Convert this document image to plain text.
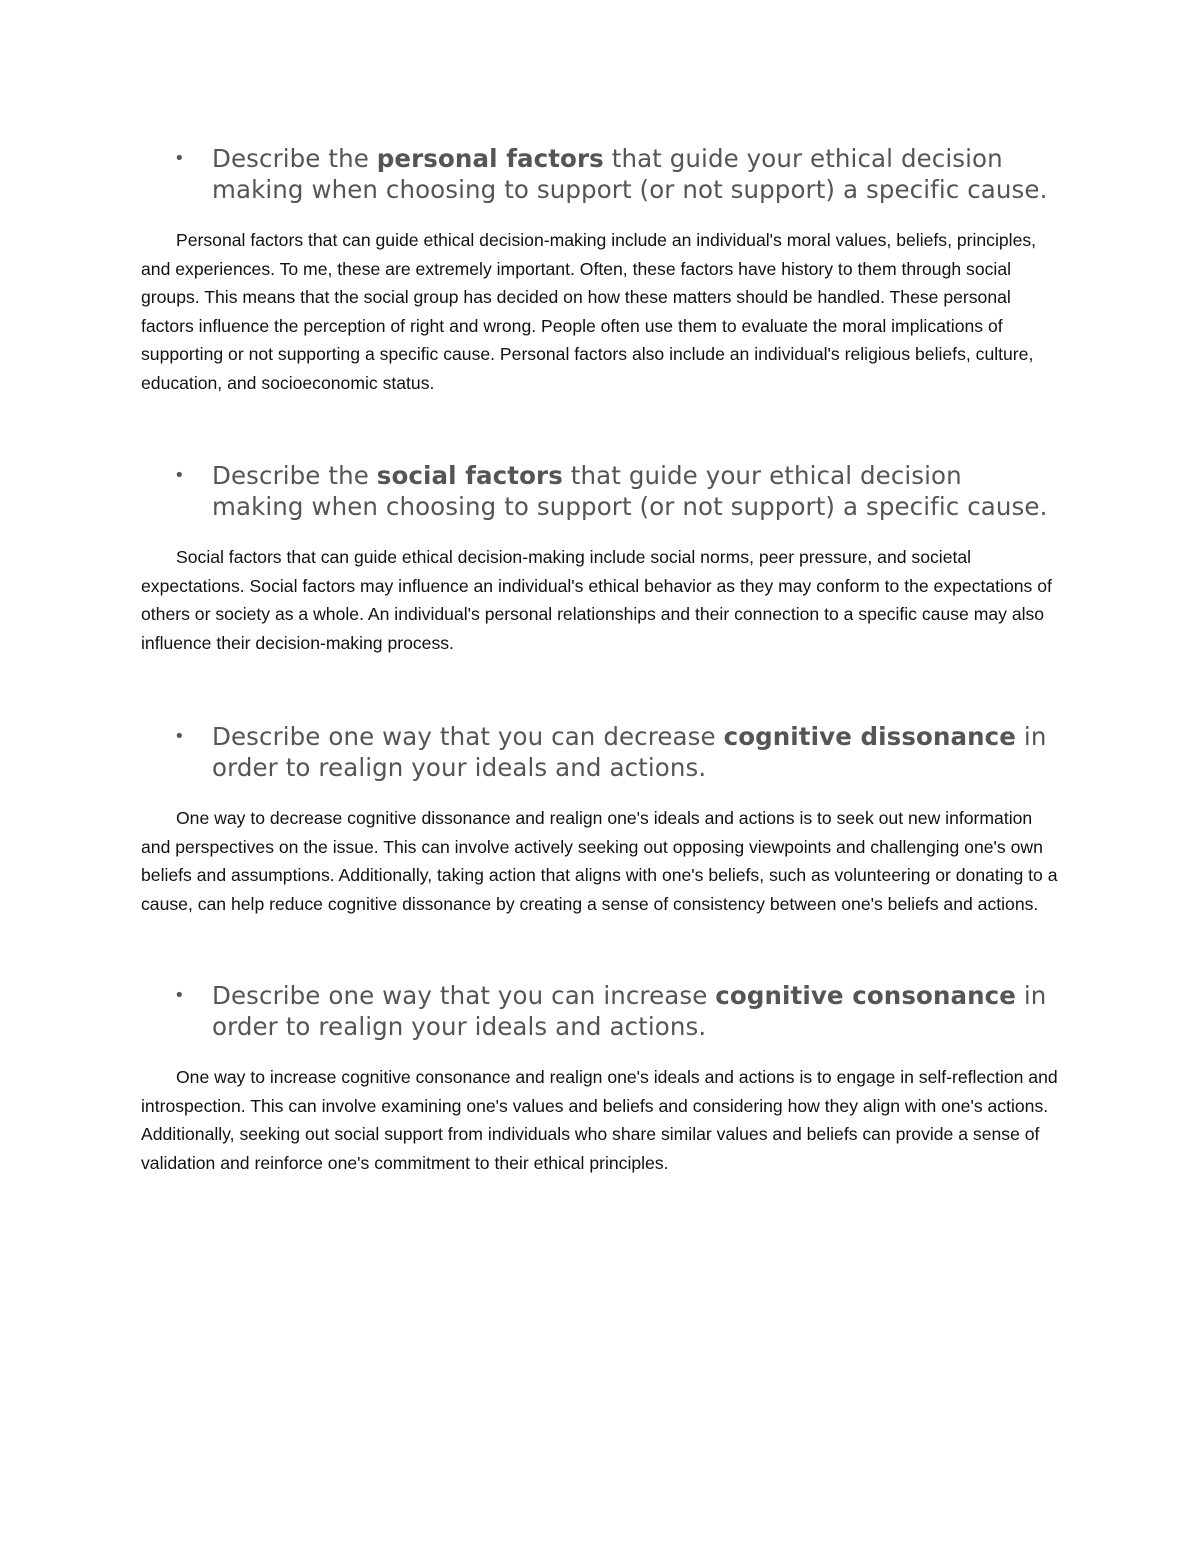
• Describe the personal factors that guide your ethical decision making when choosing to support (or not support) a specific cause.

Personal factors that can guide ethical decision-making include an individual's moral values, beliefs, principles, and experiences. To me, these are extremely important. Often, these factors have history to them through social groups. This means that the social group has decided on how these matters should be handled. These personal factors influence the perception of right and wrong. People often use them to evaluate the moral implications of supporting or not supporting a specific cause. Personal factors also include an individual's religious beliefs, culture, education, and socioeconomic status.

• Describe the social factors that guide your ethical decision making when choosing to support (or not support) a specific cause.

Social factors that can guide ethical decision-making include social norms, peer pressure, and societal expectations. Social factors may influence an individual's ethical behavior as they may conform to the expectations of others or society as a whole. An individual's personal relationships and their connection to a specific cause may also influence their decision-making process.

• Describe one way that you can decrease cognitive dissonance in order to realign your ideals and actions.

One way to decrease cognitive dissonance and realign one's ideals and actions is to seek out new information and perspectives on the issue. This can involve actively seeking out opposing viewpoints and challenging one's own beliefs and assumptions. Additionally, taking action that aligns with one's beliefs, such as volunteering or donating to a cause, can help reduce cognitive dissonance by creating a sense of consistency between one's beliefs and actions.

• Describe one way that you can increase cognitive consonance in order to realign your ideals and actions.

One way to increase cognitive consonance and realign one's ideals and actions is to engage in self-reflection and introspection. This can involve examining one's values and beliefs and considering how they align with one's actions. Additionally, seeking out social support from individuals who share similar values and beliefs can provide a sense of validation and reinforce one's commitment to their ethical principles.
